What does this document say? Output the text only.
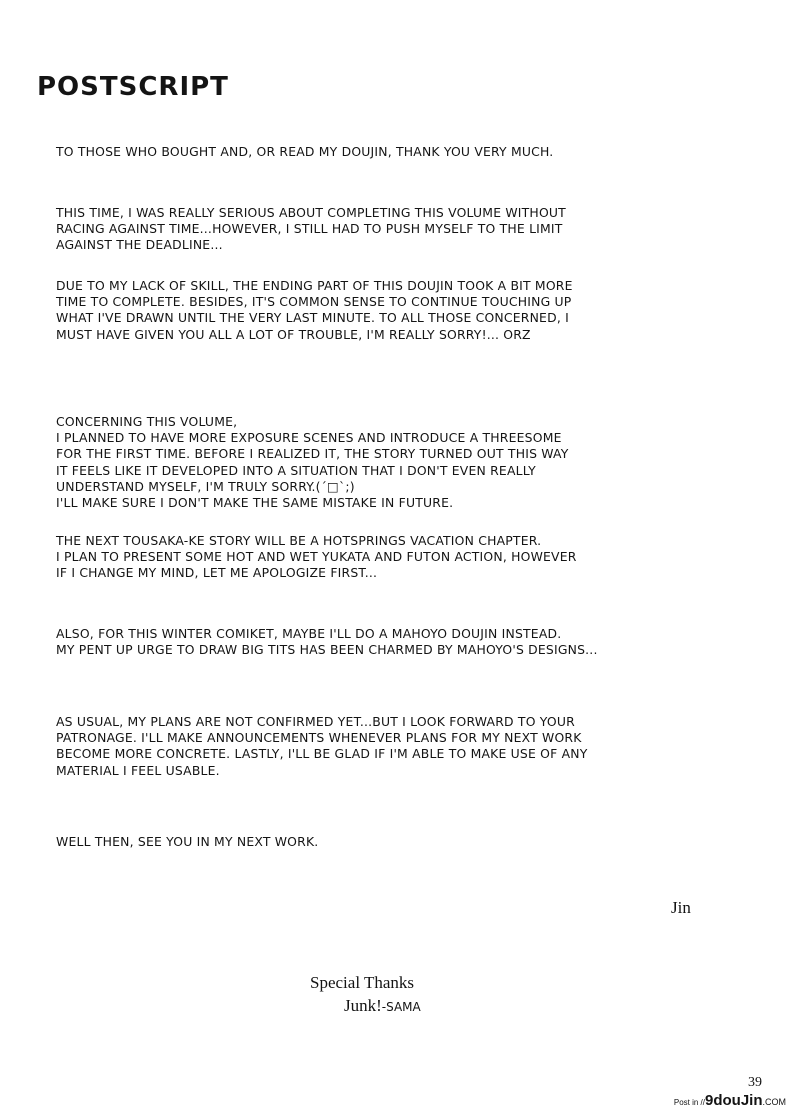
POSTSCRIPT
TO THOSE WHO BOUGHT AND, OR READ MY DOUJIN, THANK YOU VERY MUCH.
THIS TIME, I WAS REALLY SERIOUS ABOUT COMPLETING THIS VOLUME WITHOUT
RACING AGAINST TIME...HOWEVER, I STILL HAD TO PUSH MYSELF TO THE LIMIT
AGAINST THE DEADLINE...
DUE TO MY LACK OF SKILL, THE ENDING PART OF THIS DOUJIN TOOK A BIT MORE
TIME TO COMPLETE. BESIDES, IT'S COMMON SENSE TO CONTINUE TOUCHING UP
WHAT I'VE DRAWN UNTIL THE VERY LAST MINUTE. TO ALL THOSE CONCERNED, I
MUST HAVE GIVEN YOU ALL A LOT OF TROUBLE, I'M REALLY SORRY!... ORZ
CONCERNING THIS VOLUME,
I PLANNED TO HAVE MORE EXPOSURE SCENES AND INTRODUCE A THREESOME
FOR THE FIRST TIME. BEFORE I REALIZED IT, THE STORY TURNED OUT THIS WAY
IT FEELS LIKE IT DEVELOPED INTO A SITUATION THAT I DON'T EVEN REALLY
UNDERSTAND MYSELF, I'M TRULY SORRY.(´□`;)
I'LL MAKE SURE I DON'T MAKE THE SAME MISTAKE IN FUTURE.
THE NEXT TOUSAKA-KE STORY WILL BE A HOTSPRINGS VACATION CHAPTER.
I PLAN TO PRESENT SOME HOT AND WET YUKATA AND FUTON ACTION, HOWEVER
IF I CHANGE MY MIND, LET ME APOLOGIZE FIRST...
ALSO, FOR THIS WINTER COMIKET, MAYBE I'LL DO A MAHOYO DOUJIN INSTEAD.
MY PENT UP URGE TO DRAW BIG TITS HAS BEEN CHARMED BY MAHOYO'S DESIGNS...
AS USUAL, MY PLANS ARE NOT CONFIRMED YET...BUT I LOOK FORWARD TO YOUR
PATRONAGE. I'LL MAKE ANNOUNCEMENTS WHENEVER PLANS FOR MY NEXT WORK
BECOME MORE CONCRETE. LASTLY, I'LL BE GLAD IF I'M ABLE TO MAKE USE OF ANY
MATERIAL I FEEL USABLE.
WELL THEN, SEE YOU IN MY NEXT WORK.
Jin
Special Thanks
Junk!-SAMA
39
Post in //9douJin.COM
